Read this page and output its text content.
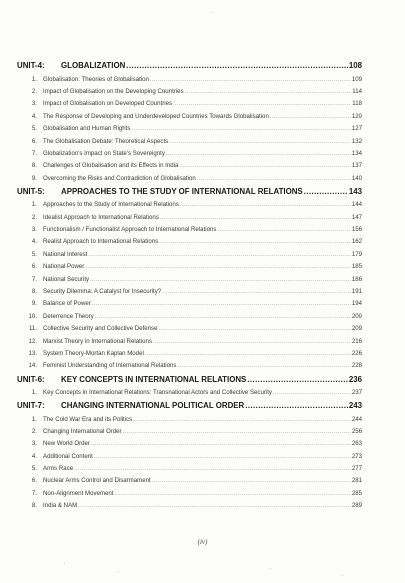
UNIT-4:	GLOBALIZATION .....	108
1. Globalisation: Theories of Globalisation .....	109
2. Impact of Globalisation on the Developing Countries .....	114
3. Impact of Globalisation on Developed Countries .....	118
4. The Response of Developing and Underdeveloped Countries Towards Globalisation .....	120
5. Globalisation and Human Rights .....	127
6. The Globalisation Debate: Theoretical Aspects .....	132
7. Globalization's Impact on State's Sovereignty .....	134
8. Challenges of Globalisation and its Effects in India .....	137
9. Overcoming the Risks and Contradiction of Globalisation .....	140
UNIT-5:	APPROACHES TO THE STUDY OF INTERNATIONAL RELATIONS .....	143
1. Approaches to the Study of International Relations .....	144
2. Idealist Approach to International Relations .....	147
3. Functionalism / Functionalist Approach to International Relations .....	156
4. Realist Approach to International Relations .....	162
5. National Interest .....	179
6. National Power .....	185
7. National Security .....	186
8. Security Dilemma: A Catalyst for Insecurity? .....	191
9. Balance of Power .....	194
10. Deterrence Theory .....	200
11. Collective Security and Collective Defense .....	209
12. Marxist Theory in International Relations .....	216
13. System Theory-Mortan Kaplan Model .....	226
14. Feminist Understanding of International Relations .....	228
UNIT-6:	KEY CONCEPTS IN INTERNATIONAL RELATIONS .....	236
1. Key Concepts in International Relations: Transnational Actors and Collective Security .....	237
UNIT-7:	CHANGING INTERNATIONAL POLITICAL ORDER .....	243
1. The Cold War Era and its Politics .....	244
2. Changing International Order .....	256
3. New World Order .....	263
4. Additional Content .....	273
5. Arms Race .....	277
6. Nuclear Arms Control and Disarmament .....	281
7. Non-Alignment Movement .....	285
8. India & NAM .....	289
(iv)
